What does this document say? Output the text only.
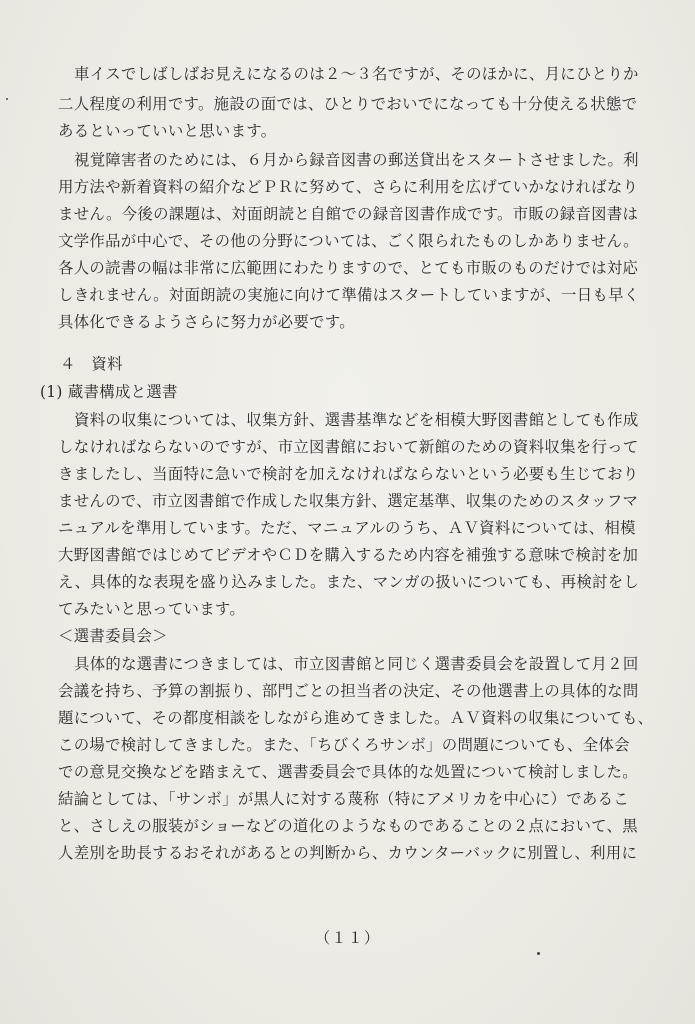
車イスでしばしばお見えになるのは２〜３名ですが、そのほかに、月にひとりか
二人程度の利用です。施設の面では、ひとりでおいでになっても十分使える状態で
あるといっていいと思います。
視覚障害者のためには、６月から録音図書の郵送貸出をスタートさせました。利
用方法や新着資料の紹介などＰＲに努めて、さらに利用を広げていかなければなり
ません。今後の課題は、対面朗読と自館での録音図書作成です。市販の録音図書は
文学作品が中心で、その他の分野については、ごく限られたものしかありません。
各人の読書の幅は非常に広範囲にわたりますので、とても市販のものだけでは対応
しきれません。対面朗読の実施に向けて準備はスタートしていますが、一日も早く
具体化できるようさらに努力が必要です。
４　資料
(1) 蔵書構成と選書
資料の収集については、収集方針、選書基準などを相模大野図書館としても作成
しなければならないのですが、市立図書館において新館のための資料収集を行って
きましたし、当面特に急いで検討を加えなければならないという必要も生じており
ませんので、市立図書館で作成した収集方針、選定基準、収集のためのスタッフマ
ニュアルを準用しています。ただ、マニュアルのうち、ＡＶ資料については、相模
大野図書館ではじめてビデオやＣＤを購入するため内容を補強する意味で検討を加
え、具体的な表現を盛り込みました。また、マンガの扱いについても、再検討をし
てみたいと思っています。
＜選書委員会＞
具体的な選書につきましては、市立図書館と同じく選書委員会を設置して月２回
会議を持ち、予算の割振り、部門ごとの担当者の決定、その他選書上の具体的な問
題について、その都度相談をしながら進めてきました。ＡＶ資料の収集についても、
この場で検討してきました。また、「ちびくろサンボ」の問題についても、全体会
での意見交換などを踏まえて、選書委員会で具体的な処置について検討しました。
結論としては、「サンボ」が黒人に対する蔑称（特にアメリカを中心に）であるこ
と、さしえの服装がショーなどの道化のようなものであることの２点において、黒
人差別を助長するおそれがあるとの判断から、カウンターバックに別置し、利用に
（１１）
